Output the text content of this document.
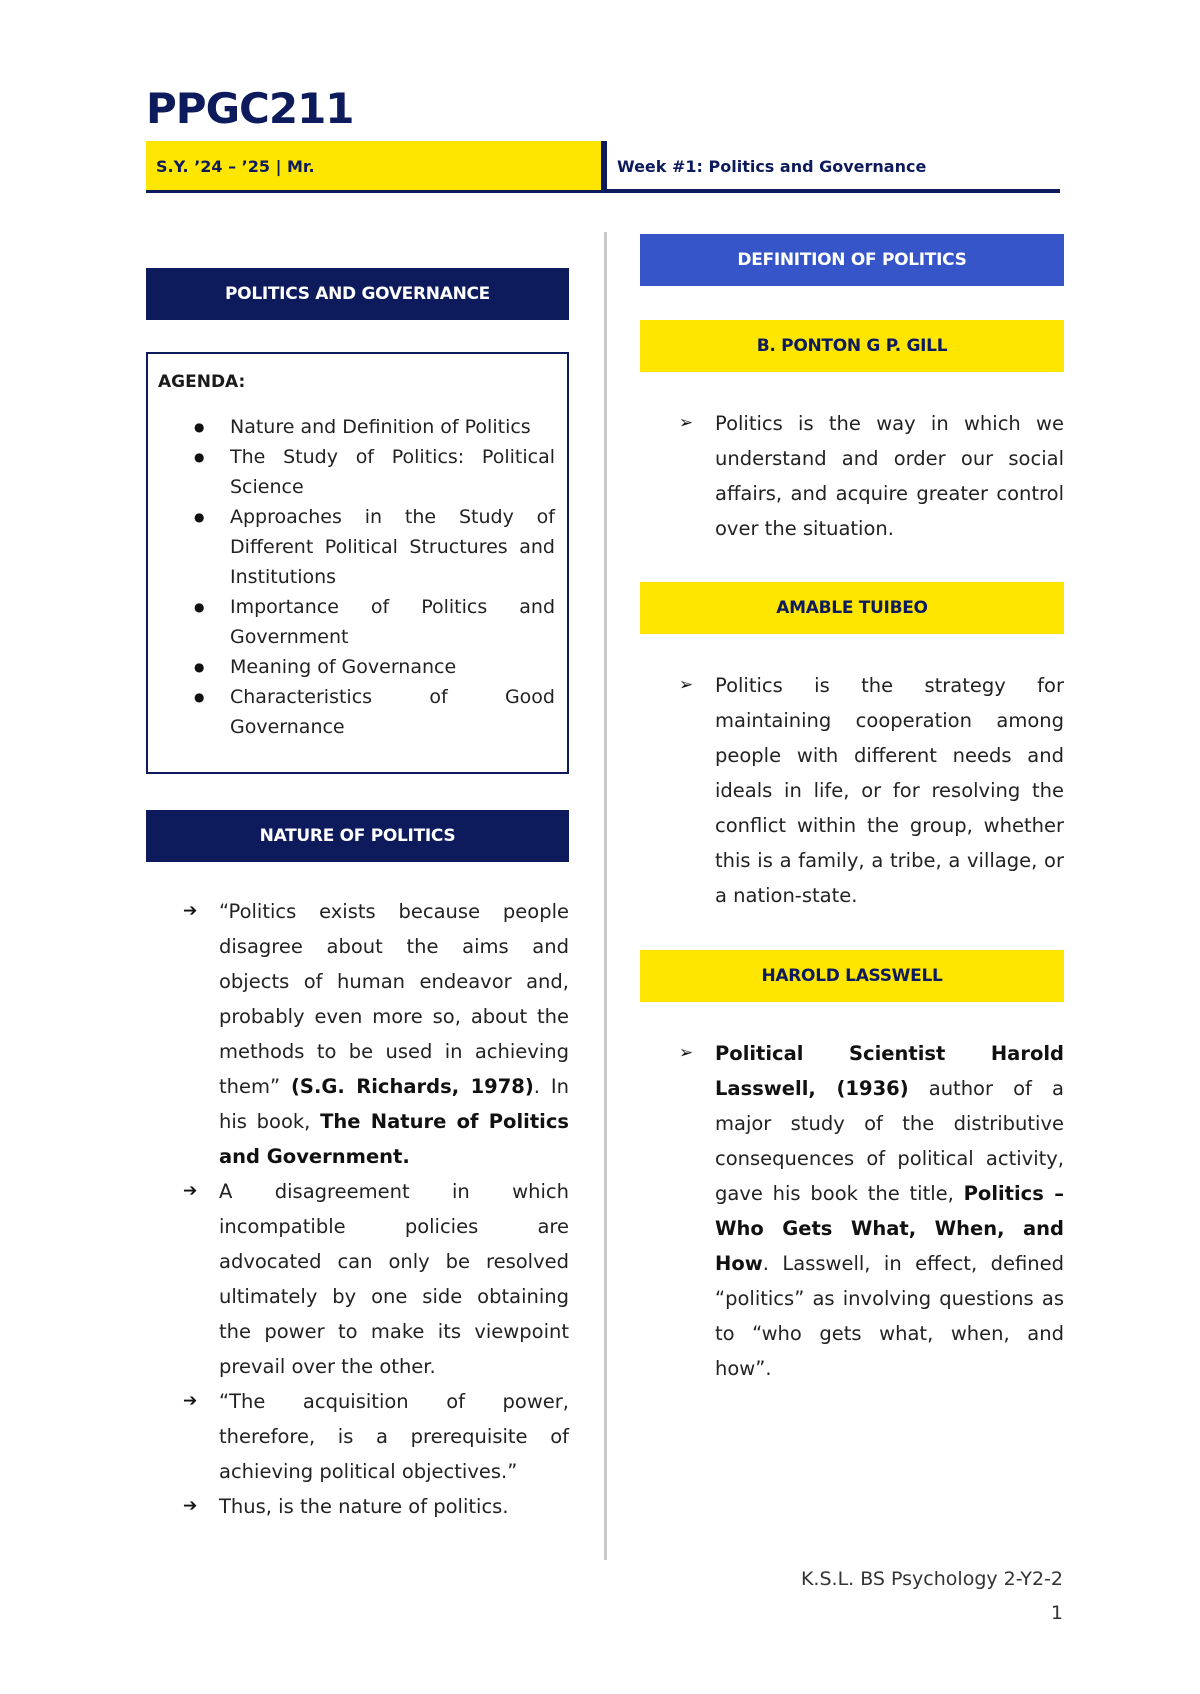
PPGC211
S.Y. ’24 – ’25 | Mr.	Week #1: Politics and Governance
POLITICS AND GOVERNANCE
AGENDA:
● Nature and Definition of Politics
● The Study of Politics: Political Science
● Approaches in the Study of Different Political Structures and Institutions
● Importance of Politics and Government
● Meaning of Governance
● Characteristics of Good Governance
NATURE OF POLITICS
➔ “Politics exists because people disagree about the aims and objects of human endeavor and, probably even more so, about the methods to be used in achieving them” (S.G. Richards, 1978). In his book, The Nature of Politics and Government.
➔ A disagreement in which incompatible policies are advocated can only be resolved ultimately by one side obtaining the power to make its viewpoint prevail over the other.
➔ “The acquisition of power, therefore, is a prerequisite of achieving political objectives.”
➔ Thus, is the nature of politics.
DEFINITION OF POLITICS
B. PONTON G P. GILL
➢ Politics is the way in which we understand and order our social affairs, and acquire greater control over the situation.
AMABLE TUIBEO
➢ Politics is the strategy for maintaining cooperation among people with different needs and ideals in life, or for resolving the conflict within the group, whether this is a family, a tribe, a village, or a nation-state.
HAROLD LASSWELL
➢ Political Scientist Harold Lasswell, (1936) author of a major study of the distributive consequences of political activity, gave his book the title, Politics – Who Gets What, When, and How. Lasswell, in effect, defined “politics” as involving questions as to “who gets what, when, and how”.
K.S.L. BS Psychology 2-Y2-2
1
